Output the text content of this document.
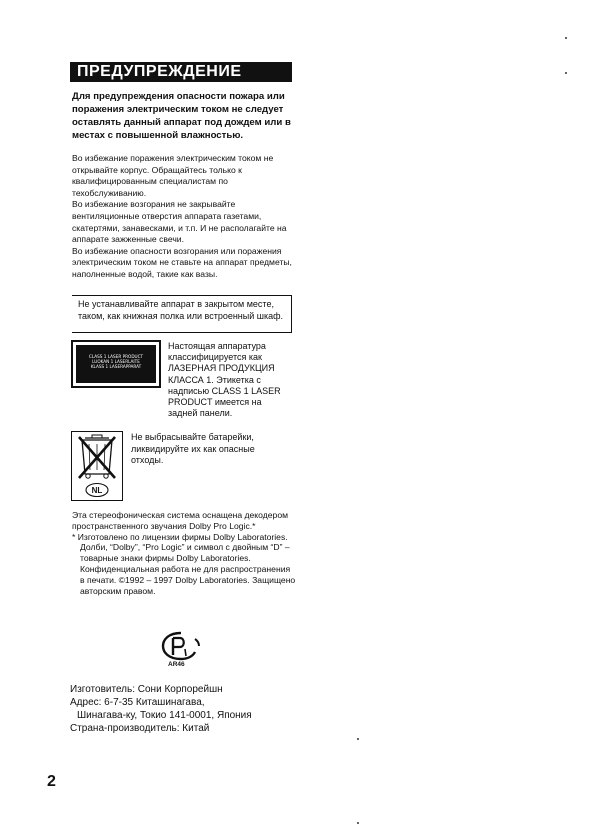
ПРЕДУПРЕЖДЕНИЕ
Для предупреждения опасности пожара или поражения электрическим током не следует оставлять данный аппарат под дождем или в местах с повышенной влажностью.

Во избежание поражения электрическим током не открывайте корпус. Обращайтесь только к квалифицированным специалистам по техобслуживанию.

Во избежание возгорания не закрывайте вентиляционные отверстия аппарата газетами, скатертями, занавесками, и т.п. И не располагайте на аппарате зажженные свечи.

Во избежание опасности возгорания или поражения электрическим током не ставьте на аппарат предметы, наполненные водой, такие как вазы.

Не устанавливайте аппарат в закрытом месте, таком, как книжная полка или встроенный шкаф.
CLASS 1 LASER PRODUCT
LUOKAN 1 LASERLAITE
KLASS 1 LASERAPPARAT
Настоящая аппаратура классифицируется как ЛАЗЕРНАЯ ПРОДУКЦИЯ КЛАССА 1. Этикетка с надписью CLASS 1 LASER PRODUCT имеется на задней панели.
NL
Не выбрасывайте батарейки, ликвидируйте их как опасные отходы.

Эта стереофоническая система оснащена декодером пространственного звучания Dolby Pro Logic.*

* Изготовлено по лицензии фирмы Dolby Laboratories.

Долби, “Dolby”, “Pro Logic” и символ с двойным “D” – товарные знаки фирмы Dolby Laboratories. Конфиденциальная работа не для распространения в печати. ©1992 – 1997 Dolby Laboratories. Защищено авторским правом.

AR46
Изготовитель: Сони Корпорейшн
Адрес: 6-7-35 Киташинагава,
Шинагава-ку, Токио 141-0001, Япония
Страна-производитель: Китай
2
